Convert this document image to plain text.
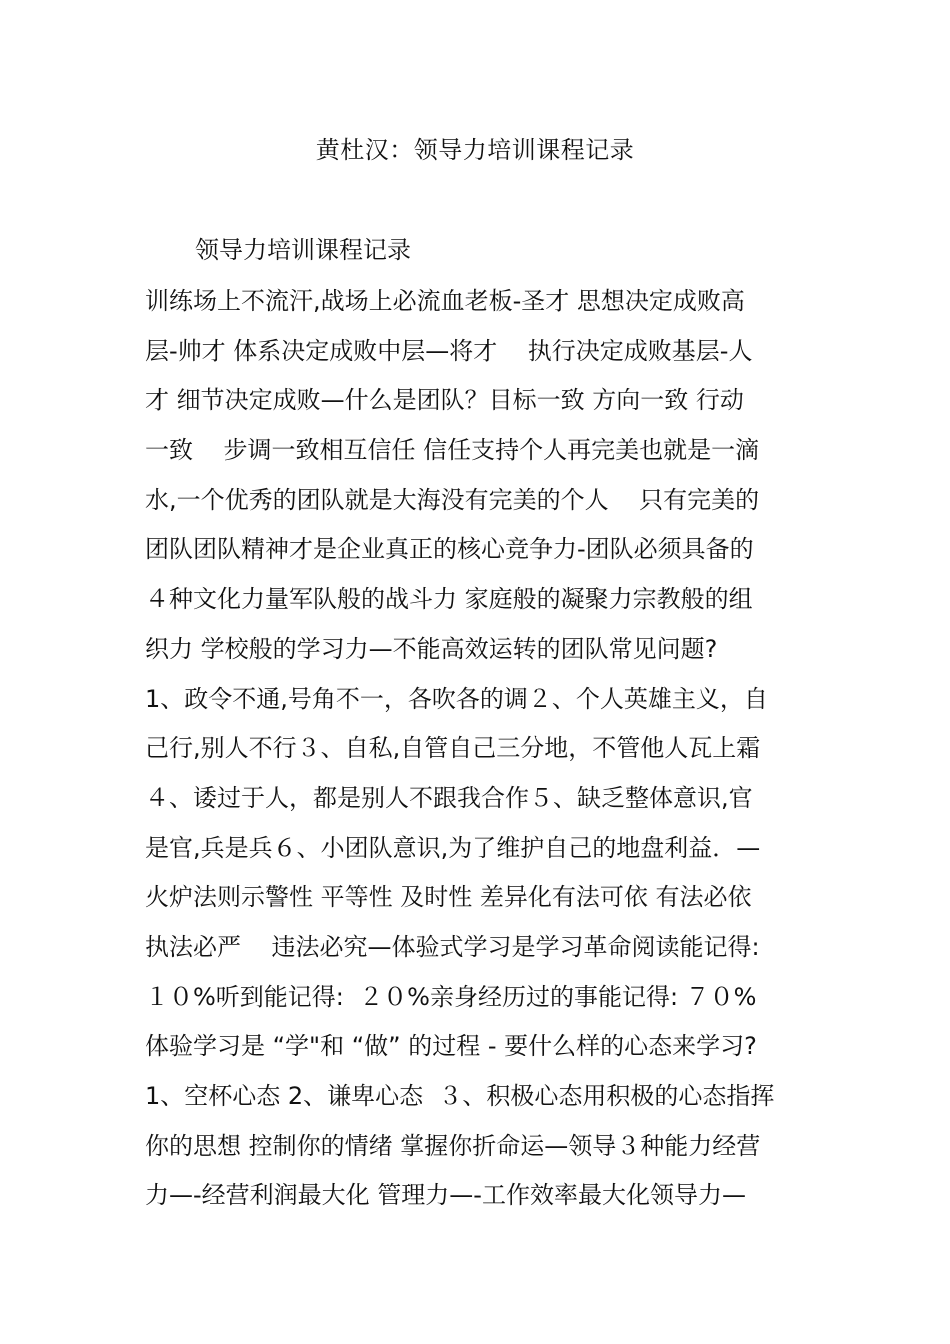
黄杜汉：领导力培训课程记录
领导力培训课程记录
训练场上不流汗,战场上必流血老板-圣才 思想决定成败高
层-帅才 体系决定成败中层—将才    执行决定成败基层-人
才 细节决定成败—什么是团队？目标一致 方向一致 行动
一致    步调一致相互信任 信任支持个人再完美也就是一滴
水,一个优秀的团队就是大海没有完美的个人    只有完美的
团队团队精神才是企业真正的核心竞争力-团队必须具备的
４种文化力量军队般的战斗力 家庭般的凝聚力宗教般的组
织力 学校般的学习力—不能高效运转的团队常见问题?
1、政令不通,号角不一，各吹各的调２、个人英雄主义，自
己行,别人不行３、自私,自管自己三分地，不管他人瓦上霜
４、诿过于人，都是别人不跟我合作５、缺乏整体意识,官
是官,兵是兵６、小团队意识,为了维护自己的地盘利益．—
火炉法则示警性 平等性 及时性 差异化有法可依 有法必依
执法必严    违法必究—体验式学习是学习革命阅读能记得:
１０%听到能记得:  ２０%亲身经历过的事能记得: ７０%
体验学习是 “学"和 “做” 的过程 - 要什么样的心态来学习?
1、空杯心态 2、谦卑心态  ３、积极心态用积极的心态指挥
你的思想 控制你的情绪 掌握你折命运—领导３种能力经营
力—-经营利润最大化 管理力—-工作效率最大化领导力—
